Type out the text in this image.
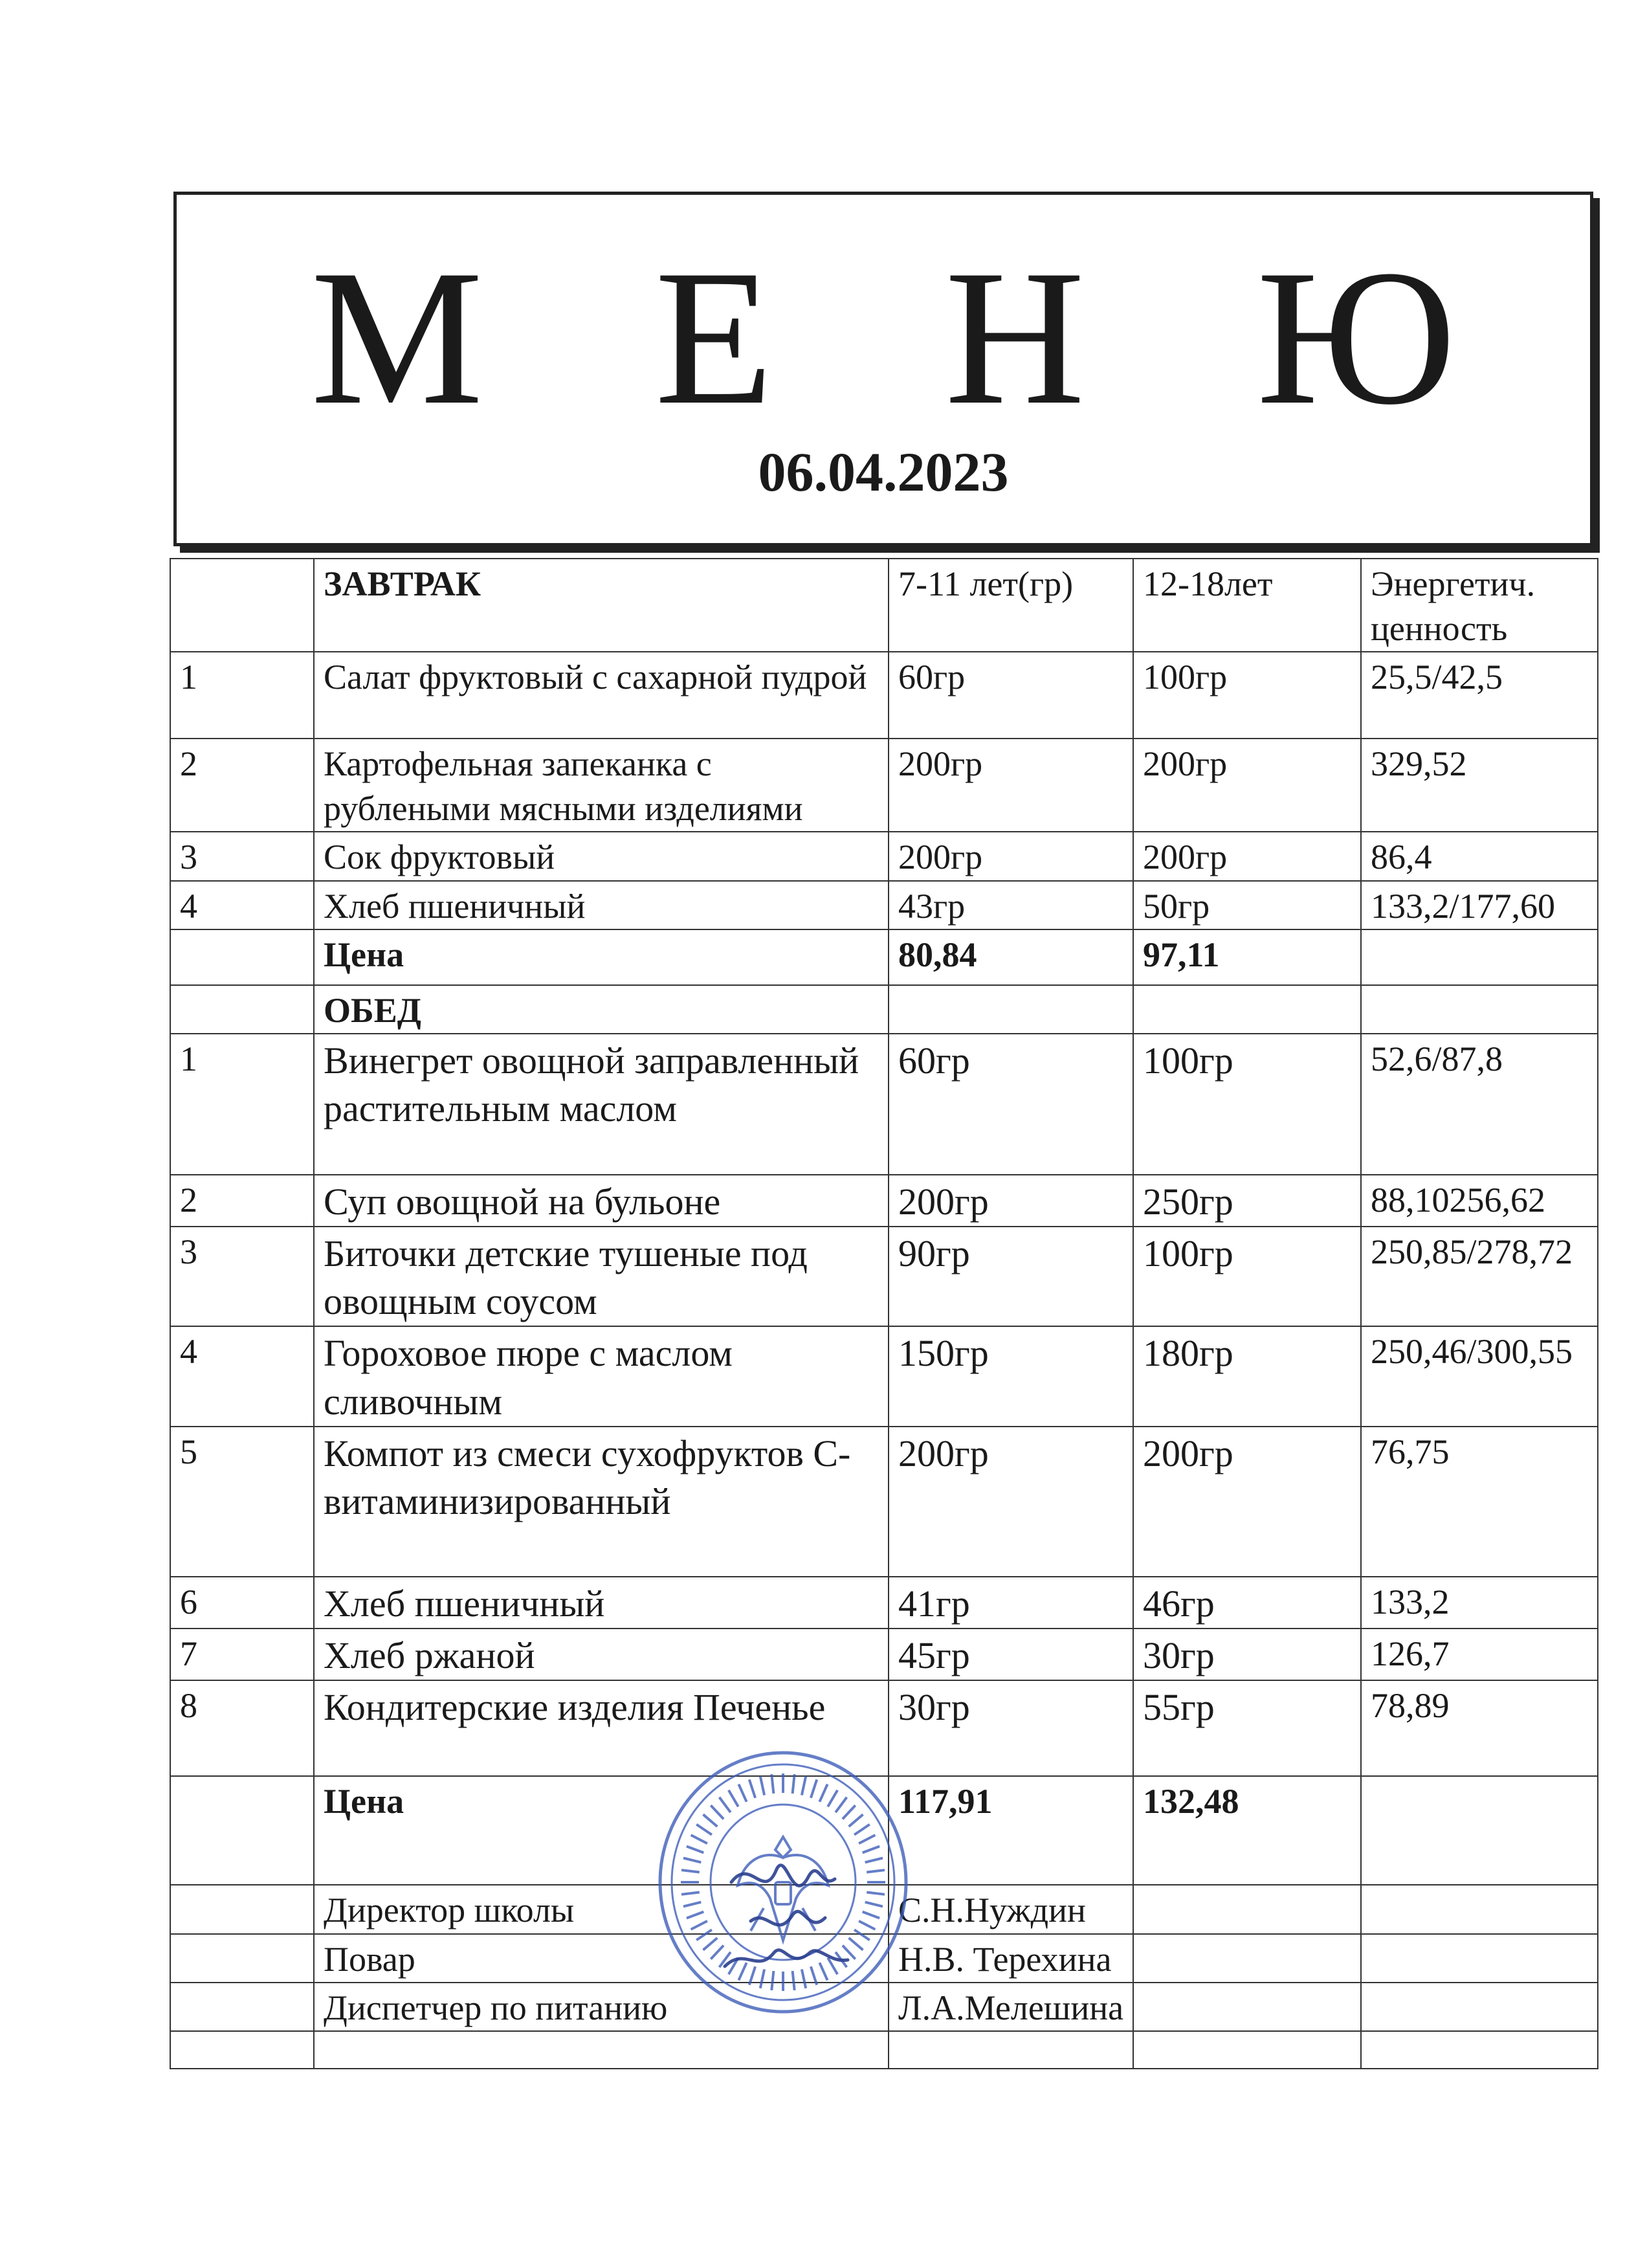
М Е Н Ю
06.04.2023
	ЗАВТРАК	7-11 лет(гр)	12-18лет	Энергетич. ценность
1	Салат фруктовый с сахарной пудрой	60гр	100гр	25,5/42,5
2	Картофельная запеканка с рублеными мясными изделиями	200гр	200гр	329,52
3	Сок фруктовый	200гр	200гр	86,4
4	Хлеб пшеничный	43гр	50гр	133,2/177,60
	Цена	80,84	97,11	
	ОБЕД			
1	Винегрет овощной заправленный растительным маслом	60гр	100гр	52,6/87,8
2	Суп овощной на бульоне	200гр	250гр	88,10256,62
3	Биточки детские тушеные под овощным соусом	90гр	100гр	250,85/278,72
4	Гороховое пюре с маслом сливочным	150гр	180гр	250,46/300,55
5	Компот из смеси сухофруктов С-витаминизированный	200гр	200гр	76,75
6	Хлеб пшеничный	41гр	46гр	133,2
7	Хлеб ржаной	45гр	30гр	126,7
8	Кондитерские изделия Печенье	30гр	55гр	78,89
	Цена	117,91	132,48	
	Директор школы	С.Н.Нуждин		
	Повар	Н.В. Терехина		
	Диспетчер по питанию	Л.А.Мелешина		
